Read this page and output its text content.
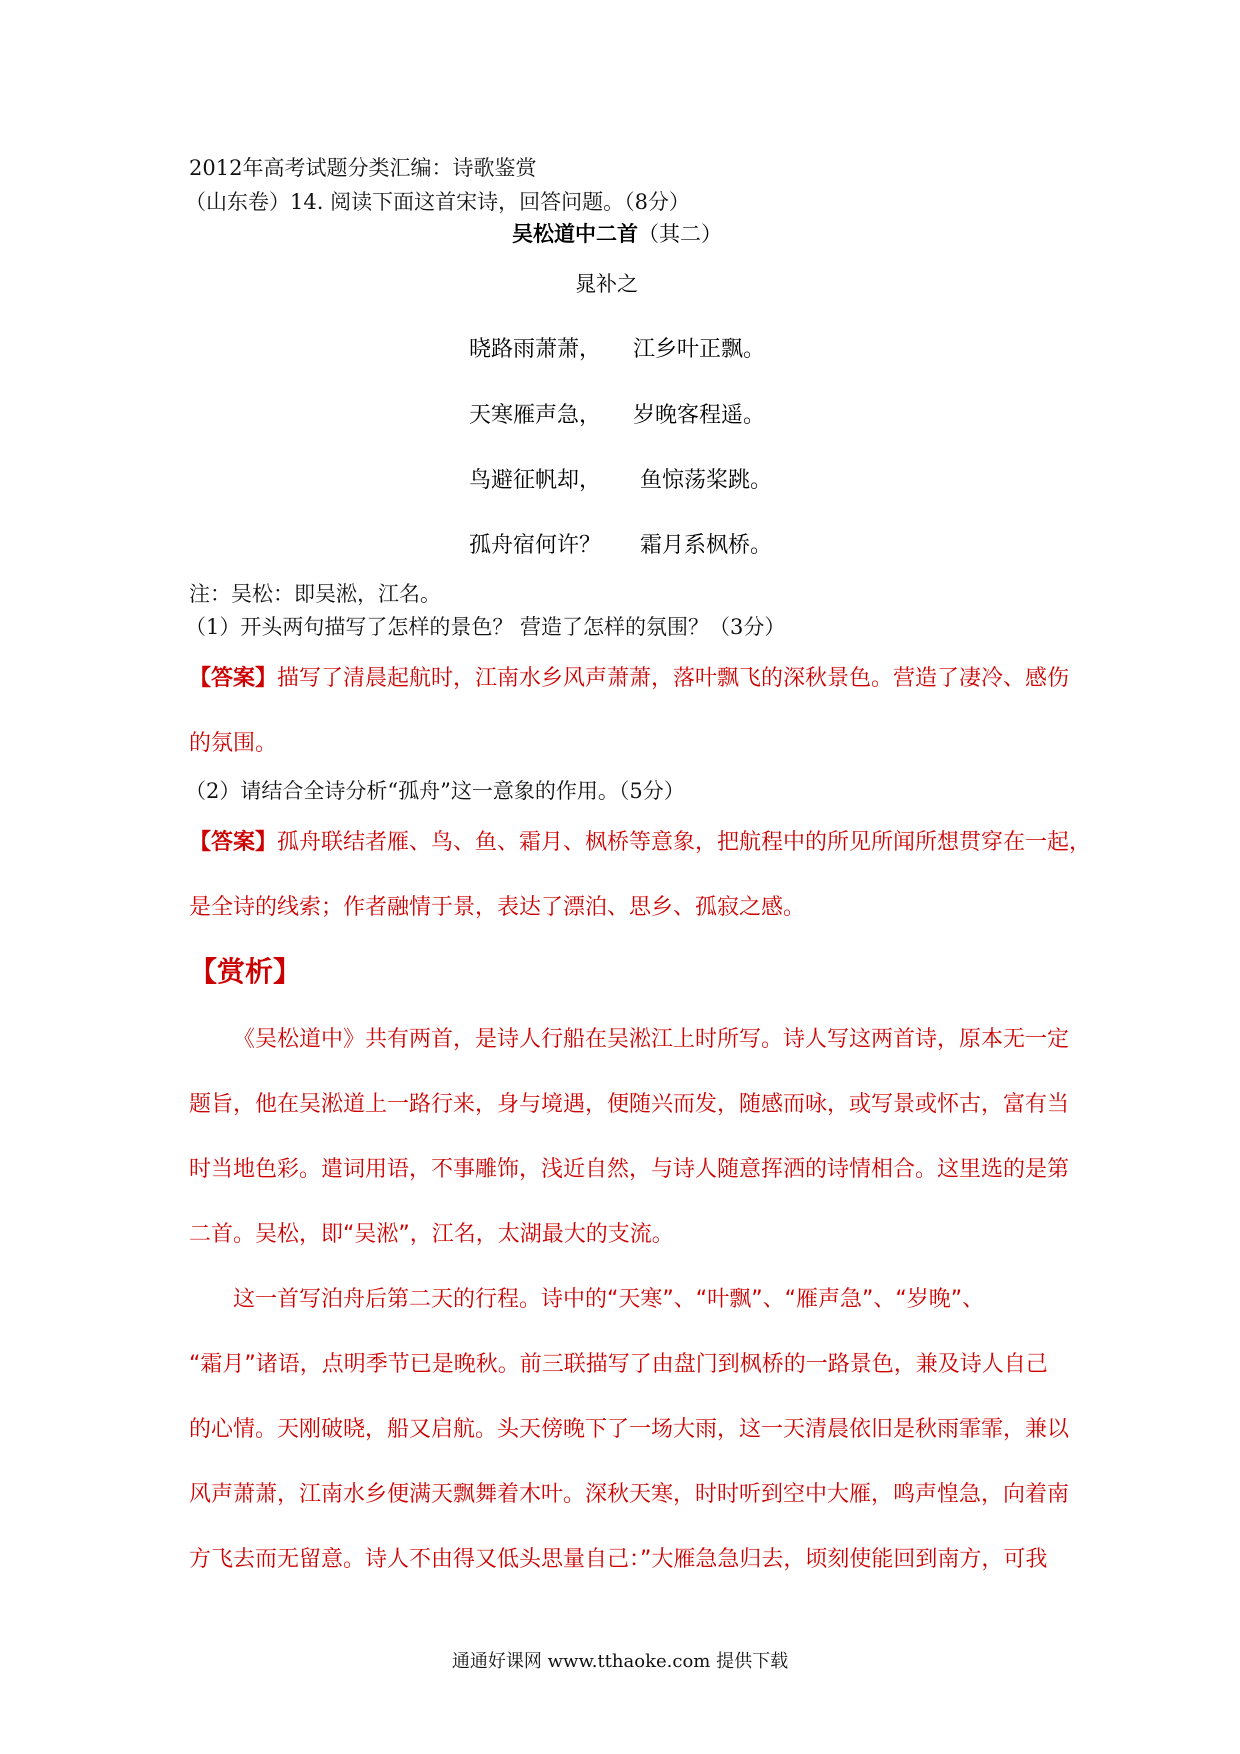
2012年高考试题分类汇编：诗歌鉴赏
（山东卷）14. 阅读下面这首宋诗，回答问题。（8分）
吴松道中二首（其二）
晁补之
晓路雨萧萧， 江乡叶正飘。
天寒雁声急， 岁晚客程遥。
鸟避征帆却， 鱼惊荡桨跳。
孤舟宿何许？ 霜月系枫桥。
注：吴松：即吴淞，江名。
（1）开头两句描写了怎样的景色？ 营造了怎样的氛围？（3分）
【答案】描写了清晨起航时，江南水乡风声萧萧，落叶飘飞的深秋景色。营造了凄冷、感伤
的氛围。
（2）请结合全诗分析“孤舟”这一意象的作用。（5分）
【答案】孤舟联结者雁、鸟、鱼、霜月、枫桥等意象，把航程中的所见所闻所想贯穿在一起，
是全诗的线索；作者融情于景，表达了漂泊、思乡、孤寂之感。
【赏析】
《吴松道中》共有两首，是诗人行船在吴淞江上时所写。诗人写这两首诗，原本无一定
题旨，他在吴淞道上一路行来，身与境遇，便随兴而发，随感而咏，或写景或怀古，富有当
时当地色彩。遣词用语，不事雕饰，浅近自然，与诗人随意挥洒的诗情相合。这里选的是第
二首。吴松，即“吴淞”，江名，太湖最大的支流。
这一首写泊舟后第二天的行程。诗中的“天寒”、“叶飘”、“雁声急”、“岁晚”、
“霜月”诸语，点明季节已是晚秋。前三联描写了由盘门到枫桥的一路景色，兼及诗人自己
的心情。天刚破晓，船又启航。头天傍晚下了一场大雨，这一天清晨依旧是秋雨霏霏，兼以
风声萧萧，江南水乡便满天飘舞着木叶。深秋天寒，时时听到空中大雁，鸣声惶急，向着南
方飞去而无留意。诗人不由得又低头思量自己：”大雁急急归去，顷刻使能回到南方，可我
通通好课网 www.tthaoke.com 提供下载
